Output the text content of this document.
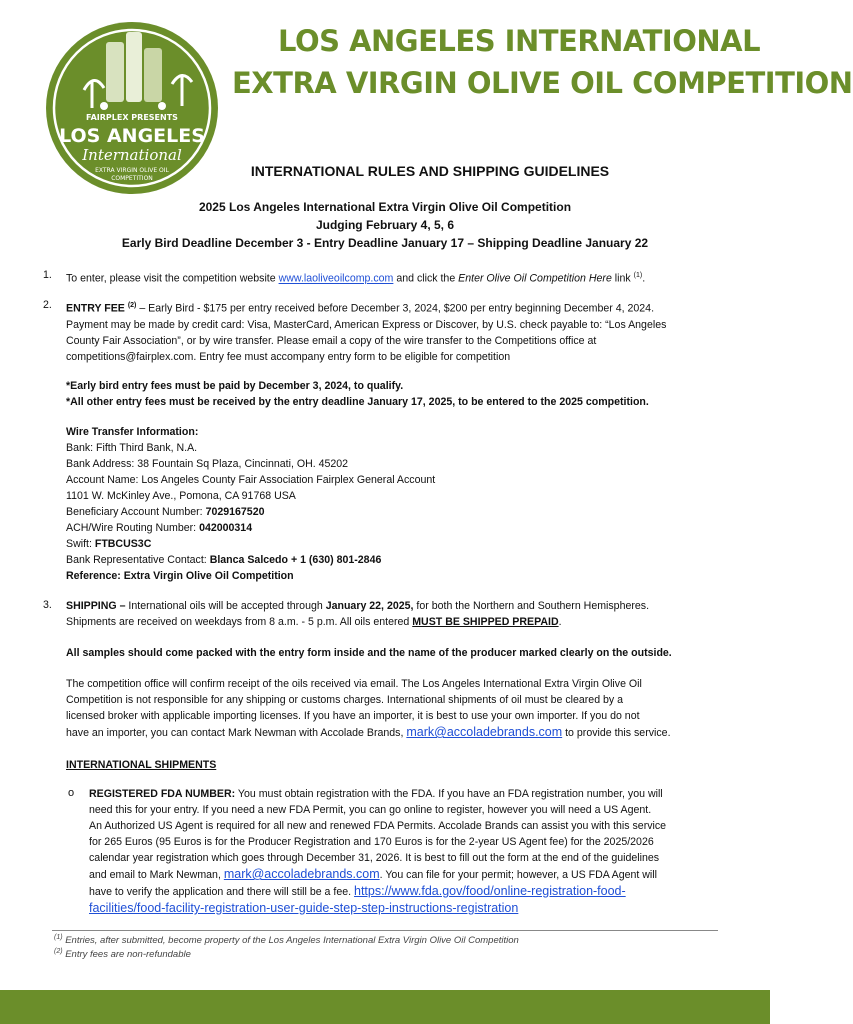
FAIRPLEX PRESENTS
LOS ANGELES
International
EXTRA VIRGIN OLIVE OIL
COMPETITION
LOS ANGELES INTERNATIONAL
EXTRA VIRGIN OLIVE OIL COMPETITION
INTERNATIONAL RULES AND SHIPPING GUIDELINES
2025 Los Angeles International Extra Virgin Olive Oil Competition
Judging February 4, 5, 6
Early Bird Deadline December 3 - Entry Deadline January 17 – Shipping Deadline January 22
1. To enter, please visit the competition website www.laoliveoilcomp.com and click the Enter Olive Oil Competition Here link $^{(1)}$.
2. ENTRY FEE $^{(2)}$ – Early Bird - $175 per entry received before December 3, 2024, $200 per entry beginning December 4, 2024.
Payment may be made by credit card: Visa, MasterCard, American Express or Discover, by U.S. check payable to: “Los Angeles
County Fair Association”, or by wire transfer. Please email a copy of the wire transfer to the Competitions office at
competitions@fairplex.com. Entry fee must accompany entry form to be eligible for competition
*Early bird entry fees must be paid by December 3, 2024, to qualify.
*All other entry fees must be received by the entry deadline January 17, 2025, to be entered to the 2025 competition.
Wire Transfer Information:
Bank: Fifth Third Bank, N.A.
Bank Address: 38 Fountain Sq Plaza, Cincinnati, OH. 45202
Account Name: Los Angeles County Fair Association Fairplex General Account
1101 W. McKinley Ave., Pomona, CA 91768 USA
Beneficiary Account Number: 7029167520
ACH/Wire Routing Number: 042000314
Swift: FTBCUS3C
Bank Representative Contact: Blanca Salcedo + 1 (630) 801-2846
Reference: Extra Virgin Olive Oil Competition
3. SHIPPING – International oils will be accepted through January 22, 2025, for both the Northern and Southern Hemispheres.
Shipments are received on weekdays from 8 a.m. - 5 p.m. All oils entered MUST BE SHIPPED PREPAID.
All samples should come packed with the entry form inside and the name of the producer marked clearly on the outside.
The competition office will confirm receipt of the oils received via email. The Los Angeles International Extra Virgin Olive Oil
Competition is not responsible for any shipping or customs charges. International shipments of oil must be cleared by a
licensed broker with applicable importing licenses. If you have an importer, it is best to use your own importer. If you do not
have an importer, you can contact Mark Newman with Accolade Brands, mark@accoladebrands.com to provide this service.
INTERNATIONAL SHIPMENTS
o REGISTERED FDA NUMBER: You must obtain registration with the FDA. If you have an FDA registration number, you will
need this for your entry. If you need a new FDA Permit, you can go online to register, however you will need a US Agent.
An Authorized US Agent is required for all new and renewed FDA Permits. Accolade Brands can assist you with this service
for 265 Euros (95 Euros is for the Producer Registration and 170 Euros is for the 2-year US Agent fee) for the 2025/2026
calendar year registration which goes through December 31, 2026. It is best to fill out the form at the end of the guidelines
and email to Mark Newman, mark@accoladebrands.com. You can file for your permit; however, a US FDA Agent will
have to verify the application and there will still be a fee. https://www.fda.gov/food/online-registration-food-
facilities/food-facility-registration-user-guide-step-step-instructions-registration
$^{(1)}$ Entries, after submitted, become property of the Los Angeles International Extra Virgin Olive Oil Competition
$^{(2)}$ Entry fees are non-refundable
